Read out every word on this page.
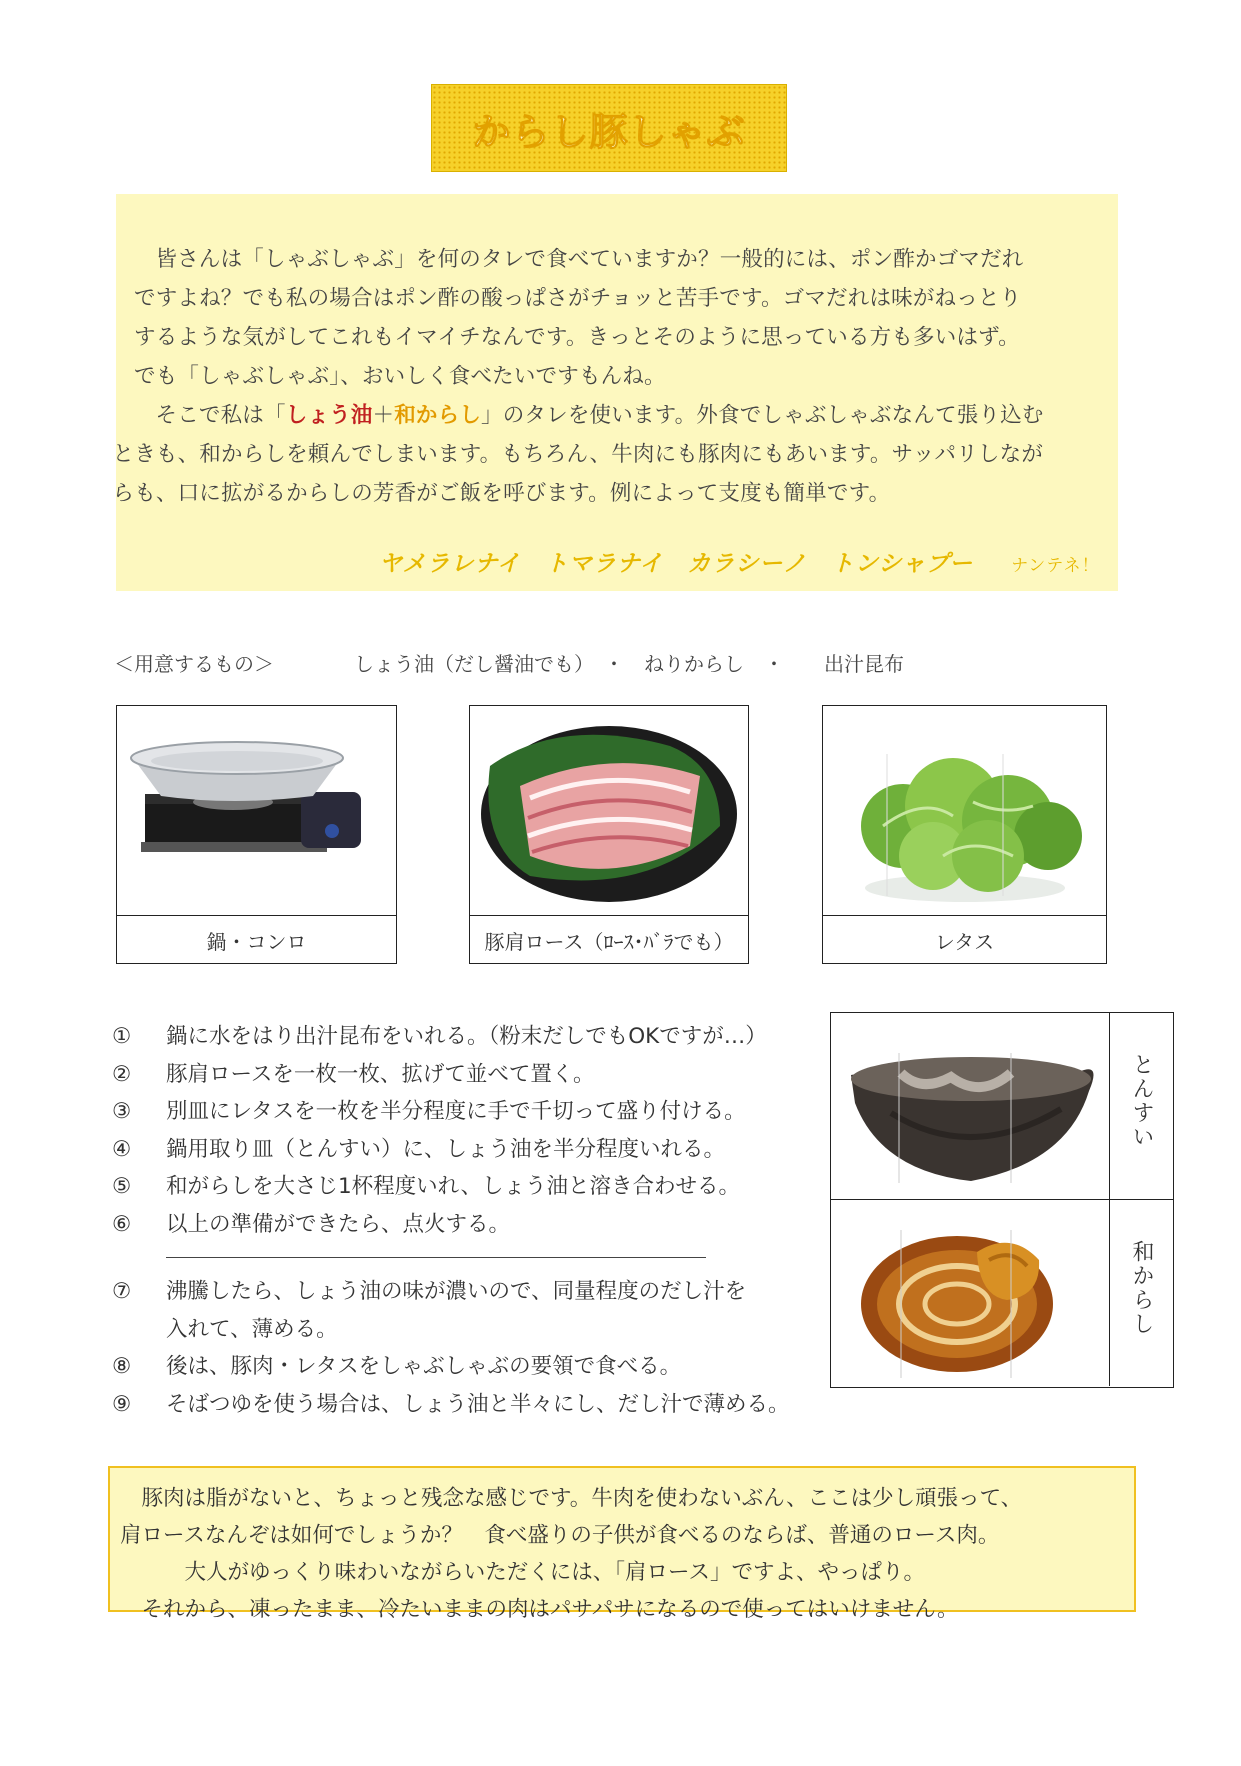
からし豚しゃぶ

皆さんは「しゃぶしゃぶ」を何のタレで食べていますか？一般的には、ポン酢かゴマだれ
ですよね？でも私の場合はポン酢の酸っぱさがチョッと苦手です。ゴマだれは味がねっとり
するような気がしてこれもイマイチなんです。きっとそのように思っている方も多いはず。
でも「しゃぶしゃぶ」、おいしく食べたいですもんね。

そこで私は「しょう油＋和からし」のタレを使います。外食でしゃぶしゃぶなんて張り込む
ときも、和からしを頼んでしまいます。もちろん、牛肉にも豚肉にもあいます。サッパリしなが
らも、口に拡がるからしの芳香がご飯を呼びます。例によって支度も簡単です。

ヤメラレナイ　トマラナイ　カラシーノ　トンシャプー ナンテネ！
＜用意するもの＞　　　　しょう油（だし醤油でも）　・　ねりからし　・　　出汁昆布
鍋・コンロ	豚肩ロース（ﾛｰｽ･ﾊﾞﾗでも）	レタス
①	鍋に水をはり出汁昆布をいれる。（粉末だしでもOKですが…）
②	豚肩ロースを一枚一枚、拡げて並べて置く。
③	別皿にレタスを一枚を半分程度に手で千切って盛り付ける。
④	鍋用取り皿（とんすい）に、しょう油を半分程度いれる。
⑤	和がらしを大さじ1杯程度いれ、しょう油と溶き合わせる。
⑥	以上の準備ができたら、点火する。
⑦	沸騰したら、しょう油の味が濃いので、同量程度のだし汁を
入れて、薄める。
⑧	後は、豚肉・レタスをしゃぶしゃぶの要領で食べる。
⑨	そばつゆを使う場合は、しょう油と半々にし、だし汁で薄める。
とんすい
和からし

　豚肉は脂がないと、ちょっと残念な感じです。牛肉を使わないぶん、ここは少し頑張って、

肩ロースなんぞは如何でしょうか？　食べ盛りの子供が食べるのならば、普通のロース肉。

　　　大人がゆっくり味わいながらいただくには、「肩ロース」ですよ、やっぱり。

　それから、凍ったまま、冷たいままの肉はパサパサになるので使ってはいけません。
